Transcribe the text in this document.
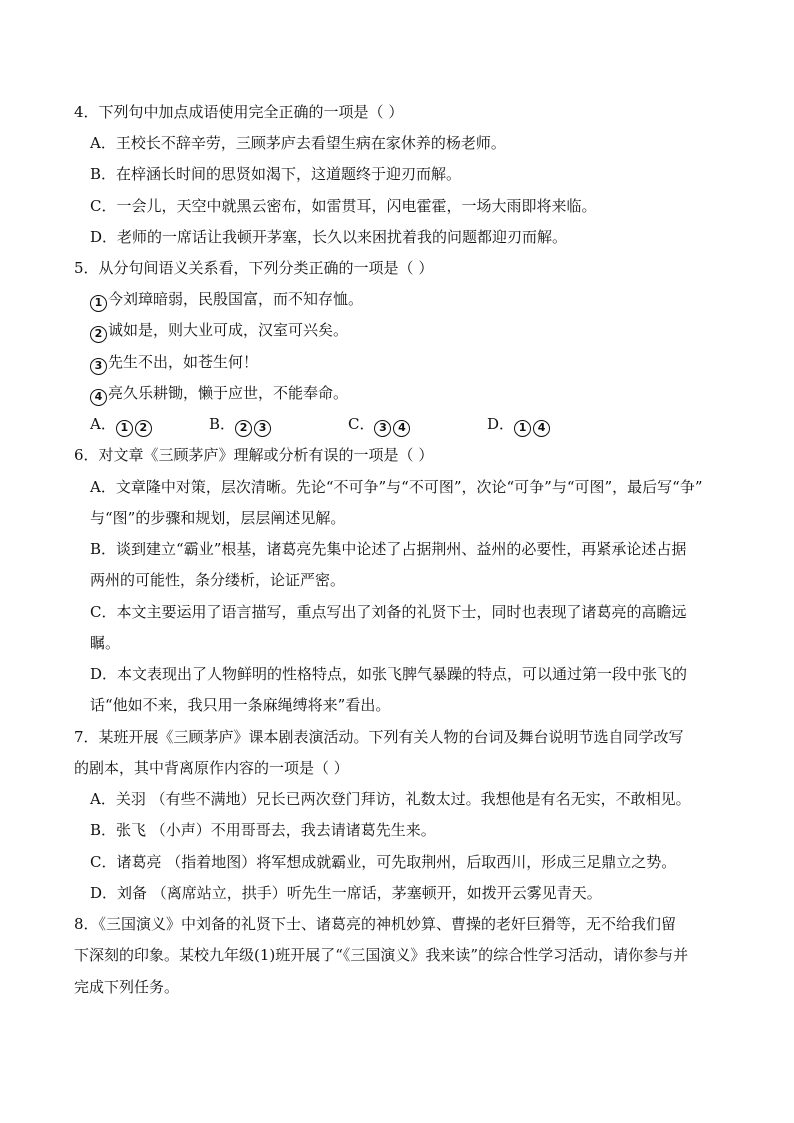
4．下列句中加点成语使用完全正确的一项是（ ）
A．王校长不辞辛劳，三顾茅庐去看望生病在家休养的杨老师。
B．在梓涵长时间的思贤如渴下，这道题终于迎刃而解。
C．一会儿，天空中就黑云密布，如雷贯耳，闪电霍霍，一场大雨即将来临。
D．老师的一席话让我顿开茅塞，长久以来困扰着我的问题都迎刃而解。
5．从分句间语义关系看，下列分类正确的一项是（ ）
1 今刘璋暗弱，民殷国富，而不知存恤。
2 诚如是，则大业可成，汉室可兴矣。
3 先生不出，如苍生何！
4 亮久乐耕锄，懒于应世，不能奉命。
A． 1 2	B． 2 3	C． 3 4	D． 1 4
6．对文章《三顾茅庐》理解或分析有误的一项是（ ）
A．文章隆中对策，层次清晰。先论“不可争”与“不可图”，次论“可争”与“可图”，最后写“争”
与“图”的步骤和规划，层层阐述见解。
B．谈到建立“霸业”根基，诸葛亮先集中论述了占据荆州、益州的必要性，再紧承论述占据
两州的可能性，条分缕析，论证严密。
C．本文主要运用了语言描写，重点写出了刘备的礼贤下士，同时也表现了诸葛亮的高瞻远
瞩。
D．本文表现出了人物鲜明的性格特点，如张飞脾气暴躁的特点，可以通过第一段中张飞的
话“他如不来，我只用一条麻绳缚将来”看出。
7．某班开展《三顾茅庐》课本剧表演活动。下列有关人物的台词及舞台说明节选自同学改写
的剧本，其中背离原作内容的一项是（ ）
A．关羽 （有些不满地）兄长已两次登门拜访，礼数太过。我想他是有名无实，不敢相见。
B．张飞 （小声）不用哥哥去，我去请诸葛先生来。
C．诸葛亮 （指着地图）将军想成就霸业，可先取荆州，后取西川，形成三足鼎立之势。
D．刘备 （离席站立，拱手）听先生一席话，茅塞顿开，如拨开云雾见青天。
8．《三国演义》中刘备的礼贤下士、诸葛亮的神机妙算、曹操的老奸巨猾等，无不给我们留
下深刻的印象。某校九年级(1)班开展了“《三国演义》我来读”的综合性学习活动，请你参与并
完成下列任务。
